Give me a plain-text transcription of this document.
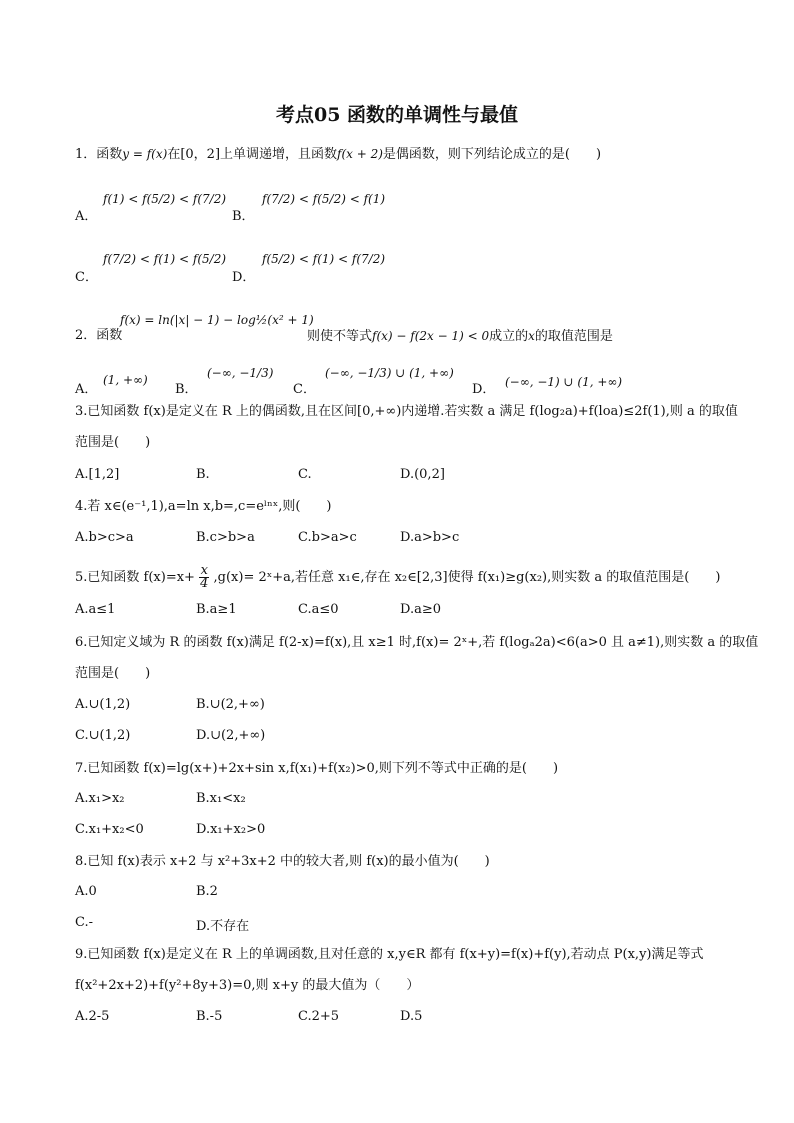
考点05 函数的单调性与最值
1．函数y = f(x)在[0，2]上单调递增，且函数f(x + 2)是偶函数，则下列结论成立的是(　　)
A．
f(1) < f(5/2) < f(7/2)
B．
f(7/2) < f(5/2) < f(1)
C．
f(7/2) < f(1) < f(5/2)
D．
f(5/2) < f(1) < f(7/2)
2．函数
f(x) = ln(|x| − 1) − log½(x² + 1)
则使不等式f(x) − f(2x − 1) < 0成立的x的取值范围是
A．
(1, +∞)
B．
(−∞, −1/3)
C．
(−∞, −1/3) ∪ (1, +∞)
D． (−∞, −1) ∪ (1, +∞)
3.已知函数 f(x)是定义在 R 上的偶函数,且在区间[0,+∞)内递增.若实数 a 满足 f(log₂a)+f(loa)≤2f(1),则 a 的取值
范围是(　　)
A.[1,2]	B.	C.	D.(0,2]
4.若 x∈(e⁻¹,1),a=ln x,b=,c=eˡⁿˣ,则(　　)
A.b>c>a	B.c>b>a	C.b>a>c	D.a>b>c
5.已知函数 $f(x)=x+ \frac{x}{4} ,g(x)=$ 2ˣ+a,若任意 x₁∈,存在 x₂∈[2,3]使得 f(x₁)≥g(x₂),则实数 a 的取值范围是(　　)
A.a≤1	B.a≥1	C.a≤0	D.a≥0
6.已知定义域为 R 的函数 f(x)满足 f(2-x)=f(x),且 x≥1 时,f(x)= 2ˣ+,若 f(logₐ2a)<6(a>0 且 a≠1),则实数 a 的取值
范围是(　　)
A.∪(1,2)	B.∪(2,+∞)
C.∪(1,2)	D.∪(2,+∞)
7.已知函数 f(x)=lg(x+)+2x+sin x,f(x₁)+f(x₂)>0,则下列不等式中正确的是(　　)
A.x₁>x₂	B.x₁<x₂
C.x₁+x₂<0	D.x₁+x₂>0
8.已知 f(x)表示 x+2 与 x²+3x+2 中的较大者,则 f(x)的最小值为(　　)
A.0	B.2
C.-	D.不存在
9.已知函数 f(x)是定义在 R 上的单调函数,且对任意的 x,y∈R 都有 f(x+y)=f(x)+f(y),若动点 P(x,y)满足等式
f(x²+2x+2)+f(y²+8y+3)=0,则 x+y 的最大值为（　　）
A.2-5	B.-5	C.2+5	D.5
